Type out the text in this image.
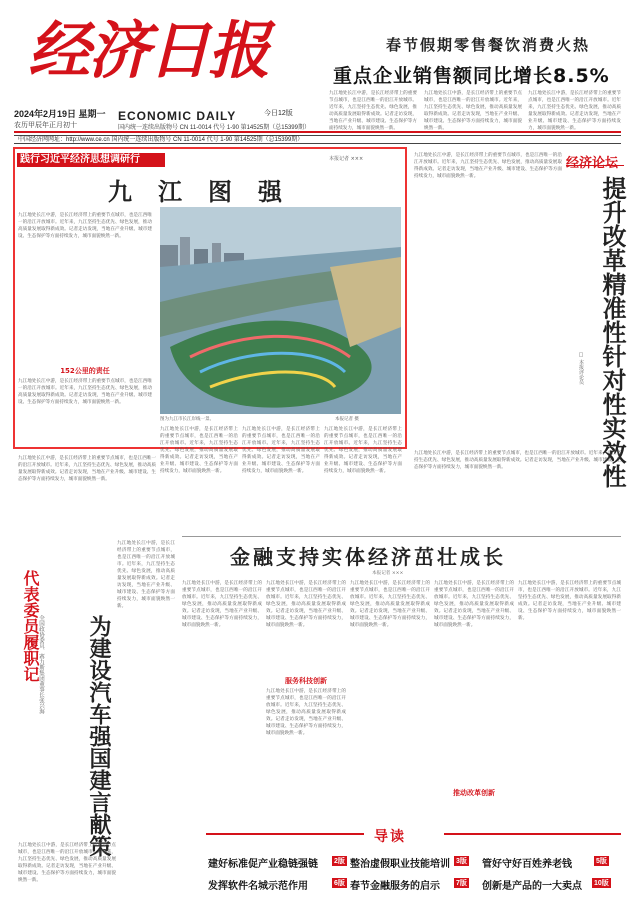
经济日报
2024年2月19日 星期一
农历甲辰年正月初十
ECONOMIC DAILY	今日12版
国内统一连续出版物号 CN 11-0014 代号 1-90 第14525期（总15399期）
中国经济网网址：http://www.ce.cn 国内统一连续出版物号 CN 11-0014 代号 1-90 第14525期（总15399期）
春节假期零售餐饮消费火热
重点企业销售额同比增长8.5%
九江地处长江中游，是长江经济带上的重要节点城市，也是江西唯一的沿江开放城市。近年来，九江坚持生态优先、绿色发展，推动高质量发展取得新成效。记者走访发现，当地在产业升级、城市建设、生态保护等方面持续发力，城市面貌焕然一新。
九江地处长江中游，是长江经济带上的重要节点城市，也是江西唯一的沿江开放城市。近年来，九江坚持生态优先、绿色发展，推动高质量发展取得新成效。记者走访发现，当地在产业升级、城市建设、生态保护等方面持续发力，城市面貌焕然一新。
九江地处长江中游，是长江经济带上的重要节点城市，也是江西唯一的沿江开放城市。近年来，九江坚持生态优先、绿色发展，推动高质量发展取得新成效。记者走访发现，当地在产业升级、城市建设、生态保护等方面持续发力，城市面貌焕然一新。
践行习近平经济思想调研行	本报记者 ×××
九江图强
九江地处长江中游，是长江经济带上的重要节点城市，也是江西唯一的沿江开放城市。近年来，九江坚持生态优先、绿色发展，推动高质量发展取得新成效。记者走访发现，当地在产业升级、城市建设、生态保护等方面持续发力，城市面貌焕然一新。
152公里的责任
九江地处长江中游，是长江经济带上的重要节点城市，也是江西唯一的沿江开放城市。近年来，九江坚持生态优先、绿色发展，推动高质量发展取得新成效。记者走访发现，当地在产业升级、城市建设、生态保护等方面持续发力，城市面貌焕然一新。
图为九江市长江岸线一景。	本报记者 摄
九江地处长江中游，是长江经济带上的重要节点城市，也是江西唯一的沿江开放城市。近年来，九江坚持生态优先、绿色发展，推动高质量发展取得新成效。记者走访发现，当地在产业升级、城市建设、生态保护等方面持续发力，城市面貌焕然一新。
九江地处长江中游，是长江经济带上的重要节点城市，也是江西唯一的沿江开放城市。近年来，九江坚持生态优先、绿色发展，推动高质量发展取得新成效。记者走访发现，当地在产业升级、城市建设、生态保护等方面持续发力，城市面貌焕然一新。
九江地处长江中游，是长江经济带上的重要节点城市，也是江西唯一的沿江开放城市。近年来，九江坚持生态优先、绿色发展，推动高质量发展取得新成效。记者走访发现，当地在产业升级、城市建设、生态保护等方面持续发力，城市面貌焕然一新。
九江地处长江中游，是长江经济带上的重要节点城市，也是江西唯一的沿江开放城市。近年来，九江坚持生态优先、绿色发展，推动高质量发展取得新成效。记者走访发现，当地在产业升级、城市建设、生态保护等方面持续发力，城市面貌焕然一新。
经济论坛
提升改革精准性针对性实效性
□ 本报评论员
九江地处长江中游，是长江经济带上的重要节点城市，也是江西唯一的沿江开放城市。近年来，九江坚持生态优先、绿色发展，推动高质量发展取得新成效。记者走访发现，当地在产业升级、城市建设、生态保护等方面持续发力，城市面貌焕然一新。
九江地处长江中游，是长江经济带上的重要节点城市，也是江西唯一的沿江开放城市。近年来，九江坚持生态优先、绿色发展，推动高质量发展取得新成效。记者走访发现，当地在产业升级、城市建设、生态保护等方面持续发力，城市面貌焕然一新。
代表委员履职记
全国政协委员、赛力斯集团董事长张兴海	为建设汽车强国建言献策
九江地处长江中游，是长江经济带上的重要节点城市，也是江西唯一的沿江开放城市。近年来，九江坚持生态优先、绿色发展，推动高质量发展取得新成效。记者走访发现，当地在产业升级、城市建设、生态保护等方面持续发力，城市面貌焕然一新。
九江地处长江中游，是长江经济带上的重要节点城市，也是江西唯一的沿江开放城市。近年来，九江坚持生态优先、绿色发展，推动高质量发展取得新成效。记者走访发现，当地在产业升级、城市建设、生态保护等方面持续发力，城市面貌焕然一新。
金融支持实体经济茁壮成长
本报记者 ×××
九江地处长江中游，是长江经济带上的重要节点城市，也是江西唯一的沿江开放城市。近年来，九江坚持生态优先、绿色发展，推动高质量发展取得新成效。记者走访发现，当地在产业升级、城市建设、生态保护等方面持续发力，城市面貌焕然一新。
九江地处长江中游，是长江经济带上的重要节点城市，也是江西唯一的沿江开放城市。近年来，九江坚持生态优先、绿色发展，推动高质量发展取得新成效。记者走访发现，当地在产业升级、城市建设、生态保护等方面持续发力，城市面貌焕然一新。
服务科技创新
九江地处长江中游，是长江经济带上的重要节点城市，也是江西唯一的沿江开放城市。近年来，九江坚持生态优先、绿色发展，推动高质量发展取得新成效。记者走访发现，当地在产业升级、城市建设、生态保护等方面持续发力，城市面貌焕然一新。
九江地处长江中游，是长江经济带上的重要节点城市，也是江西唯一的沿江开放城市。近年来，九江坚持生态优先、绿色发展，推动高质量发展取得新成效。记者走访发现，当地在产业升级、城市建设、生态保护等方面持续发力，城市面貌焕然一新。
推动改革创新
九江地处长江中游，是长江经济带上的重要节点城市，也是江西唯一的沿江开放城市。近年来，九江坚持生态优先、绿色发展，推动高质量发展取得新成效。记者走访发现，当地在产业升级、城市建设、生态保护等方面持续发力，城市面貌焕然一新。
九江地处长江中游，是长江经济带上的重要节点城市，也是江西唯一的沿江开放城市。近年来，九江坚持生态优先、绿色发展，推动高质量发展取得新成效。记者走访发现，当地在产业升级、城市建设、生态保护等方面持续发力，城市面貌焕然一新。
导读
建好标准促产业稳链强链 2版 整治虚假职业技能培训 3版 管好守好百姓养老钱	5版
发挥软件名城示范作用	6版 春节金融服务的启示 7版 创新是产品的一大卖点 10版
